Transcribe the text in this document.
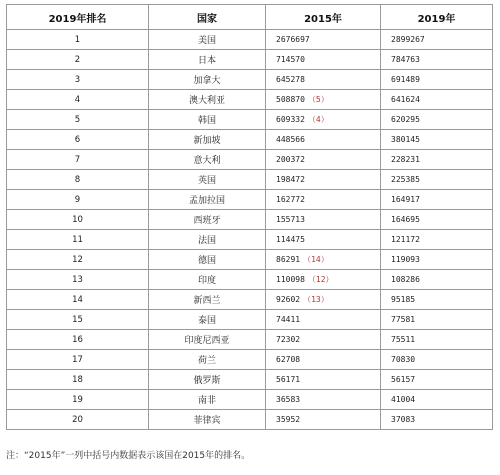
2019年排名	国家	2015年	2019年
1	美国	2676697	2899267
2	日本	714570	784763
3	加拿大	645278	691489
4	澳大利亚	508870 （5）	641624
5	韩国	609332 （4）	620295
6	新加坡	448566	380145
7	意大利	200372	228231
8	英国	198472	225385
9	孟加拉国	162772	164917
10	西班牙	155713	164695
11	法国	114475	121172
12	德国	86291 （14）	119093
13	印度	110098 （12）	108286
14	新西兰	92602 （13）	95185
15	泰国	74411	77581
16	印度尼西亚	72302	75511
17	荷兰	62708	70830
18	俄罗斯	56171	56157
19	南非	36583	41004
20	菲律宾	35952	37083
注：“2015年”一列中括号内数据表示该国在2015年的排名。
